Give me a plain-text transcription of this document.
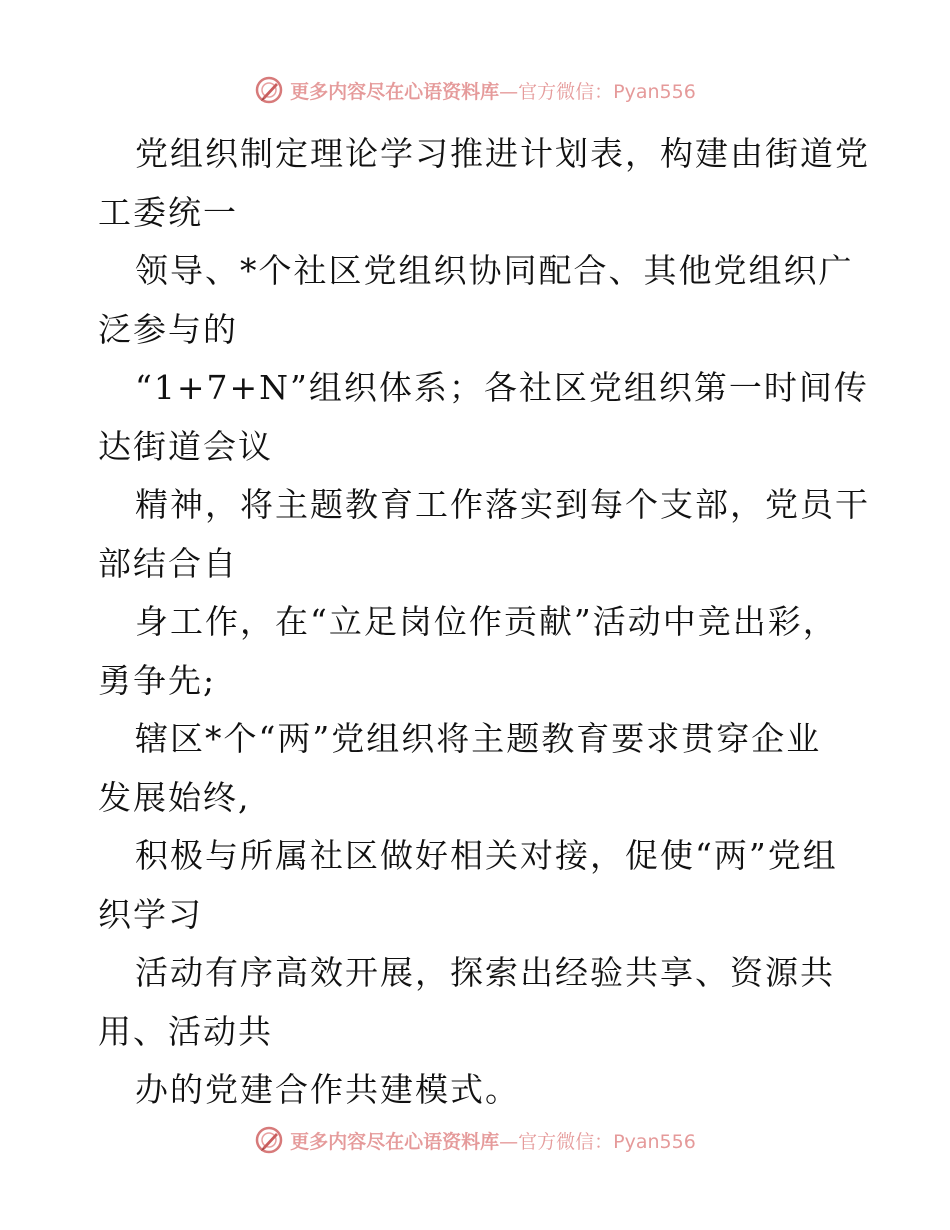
更多内容尽在心语资料库—官方微信：Pyan556
党组织制定理论学习推进计划表，构建由街道党
工委统一
领导、*个社区党组织协同配合、其他党组织广
泛参与的
“1+7+N”组织体系；各社区党组织第一时间传
达街道会议
精神，将主题教育工作落实到每个支部，党员干
部结合自
身工作，在“立足岗位作贡献”活动中竞出彩，
勇争先;
辖区*个“两”党组织将主题教育要求贯穿企业
发展始终,
积极与所属社区做好相关对接，促使“两”党组
织学习
活动有序高效开展，探索出经验共享、资源共
用、活动共
办的党建合作共建模式。
更多内容尽在心语资料库—官方微信：Pyan556
